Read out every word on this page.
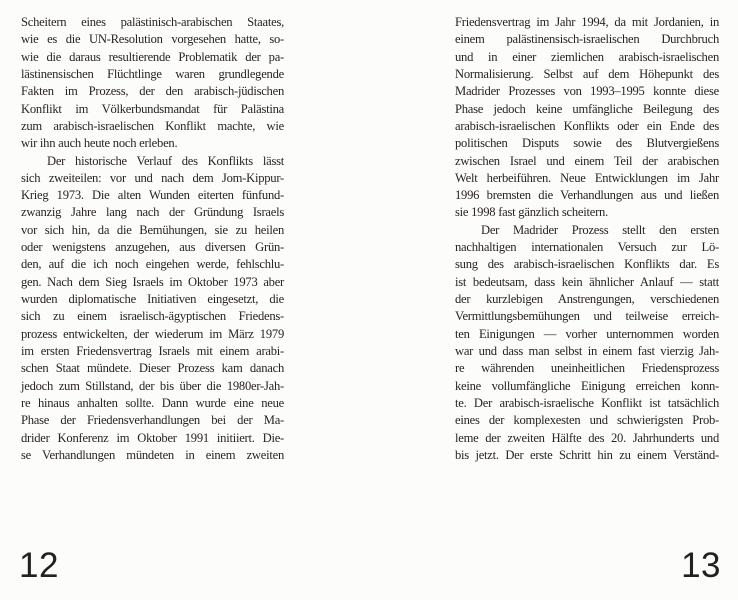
Scheitern eines palästinisch-arabischen Staates,
wie es die UN-Resolution vorgesehen hatte, so-
wie die daraus resultierende Problematik der pa-
lästinensischen Flüchtlinge waren grundlegende
Fakten im Prozess, der den arabisch-jüdischen
Konflikt im Völkerbundsmandat für Palästina
zum arabisch-israelischen Konflikt machte, wie
wir ihn auch heute noch erleben.
Der historische Verlauf des Konflikts lässt
sich zweiteilen: vor und nach dem Jom-Kippur-
Krieg 1973. Die alten Wunden eiterten fünfund-
zwanzig Jahre lang nach der Gründung Israels
vor sich hin, da die Bemühungen, sie zu heilen
oder wenigstens anzugehen, aus diversen Grün-
den, auf die ich noch eingehen werde, fehlschlu-
gen. Nach dem Sieg Israels im Oktober 1973 aber
wurden diplomatische Initiativen eingesetzt, die
sich zu einem israelisch-ägyptischen Friedens-
prozess entwickelten, der wiederum im März 1979
im ersten Friedensvertrag Israels mit einem arabi-
schen Staat mündete. Dieser Prozess kam danach
jedoch zum Stillstand, der bis über die 1980er-Jah-
re hinaus anhalten sollte. Dann wurde eine neue
Phase der Friedensverhandlungen bei der Ma-
drider Konferenz im Oktober 1991 initiiert. Die-
se Verhandlungen mündeten in einem zweiten
12
Friedensvertrag im Jahr 1994, da mit Jordanien, in
einem palästinensisch-israelischen Durchbruch
und in einer ziemlichen arabisch-israelischen
Normalisierung. Selbst auf dem Höhepunkt des
Madrider Prozesses von 1993–1995 konnte diese
Phase jedoch keine umfängliche Beilegung des
arabisch-israelischen Konflikts oder ein Ende des
politischen Disputs sowie des Blutvergießens
zwischen Israel und einem Teil der arabischen
Welt herbeiführen. Neue Entwicklungen im Jahr
1996 bremsten die Verhandlungen aus und ließen
sie 1998 fast gänzlich scheitern.
Der Madrider Prozess stellt den ersten
nachhaltigen internationalen Versuch zur Lö-
sung des arabisch-israelischen Konflikts dar. Es
ist bedeutsam, dass kein ähnlicher Anlauf — statt
der kurzlebigen Anstrengungen, verschiedenen
Vermittlungsbemühungen und teilweise erreich-
ten Einigungen — vorher unternommen worden
war und dass man selbst in einem fast vierzig Jah-
re währenden uneinheitlichen Friedensprozess
keine vollumfängliche Einigung erreichen konn-
te. Der arabisch-israelische Konflikt ist tatsächlich
eines der komplexesten und schwierigsten Prob-
leme der zweiten Hälfte des 20. Jahrhunderts und
bis jetzt. Der erste Schritt hin zu einem Verständ-
13
